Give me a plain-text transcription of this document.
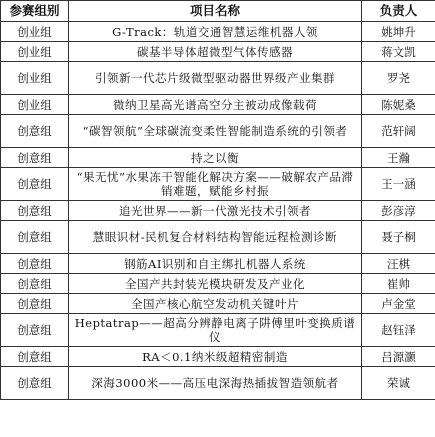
参赛组别	项目名称	负责人
创业组	G-Track：轨道交通智慧运维机器人领	姚坤升
创业组	碳基半导体超微型气体传感器	蒋文凯
创业组	引领新一代芯片级微型驱动器世界级产业集群	罗尧
创业组	微纳卫星高光谱高空分主被动成像载荷	陈妮桑
创意组	“碳智领航”全球碳流变柔性智能制造系统的引领者	范轩阔
创意组	持之以衡	王瀚
创意组	“果无忧”水果冻干智能化解决方案——破解农产品滞销难题，赋能乡村振	王一涵
创意组	追光世界——新一代激光技术引领者	彭彦淳
创意组	慧眼识材-民机复合材料结构智能远程检测诊断	聂子桐
创意组	钢筋AI识别和自主绑扎机器人系统	汪棋
创意组	全国产共封装光模块研发及产业化	崔帅
创意组	全国产核心航空发动机关键叶片	卢金堂
创意组	Heptatrap——超高分辨静电离子阱傅里叶变换质谱仪	赵钰泽
创意组	RA＜0.1纳米级超精密制造	吕源灏
创意组	深海3000米——高压电深海热插拔智造领航者	荣诚
